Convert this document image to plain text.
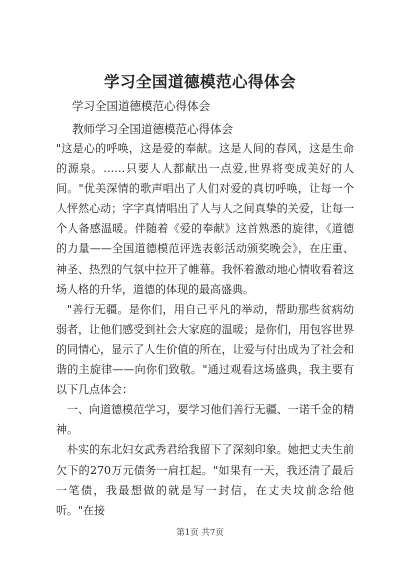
学习全国道德模范心得体会
学习全国道德模范心得体会
教师学习全国道德模范心得体会

"这是心的呼唤，这是爱的奉献。这是人间的春风，这是生命的源泉。……只要人人都献出一点爱,世界将变成美好的人间。"优美深情的歌声唱出了人们对爱的真切呼唤，让每一个人怦然心动；字字真情唱出了人与人之间真挚的关爱，让每一个人备感温暖。伴随着《爱的奉献》这首熟悉的旋律，《道德的力量——全国道德模范评选表彰活动颁奖晚会》，在庄重、神圣、热烈的气氛中拉开了帷幕。我怀着激动地心情收看着这场人格的升华，道德的体现的最高盛典。

"善行无疆。是你们，用自己平凡的举动，帮助那些贫病幼弱者，让他们感受到社会大家庭的温暖；是你们，用包容世界的同情心，显示了人生价值的所在，让爱与付出成为了社会和谐的主旋律——向你们致敬。"通过观看这场盛典，我主要有以下几点体会：

一、向道德模范学习，要学习他们善行无疆、一诺千金的精神。

朴实的东北妇女武秀君给我留下了深刻印象。她把丈夫生前欠下的270万元债务一肩扛起。"如果有一天，我还清了最后一笔债，我最想做的就是写一封信，在丈夫坟前念给他听。"在接

第1页 共7页
